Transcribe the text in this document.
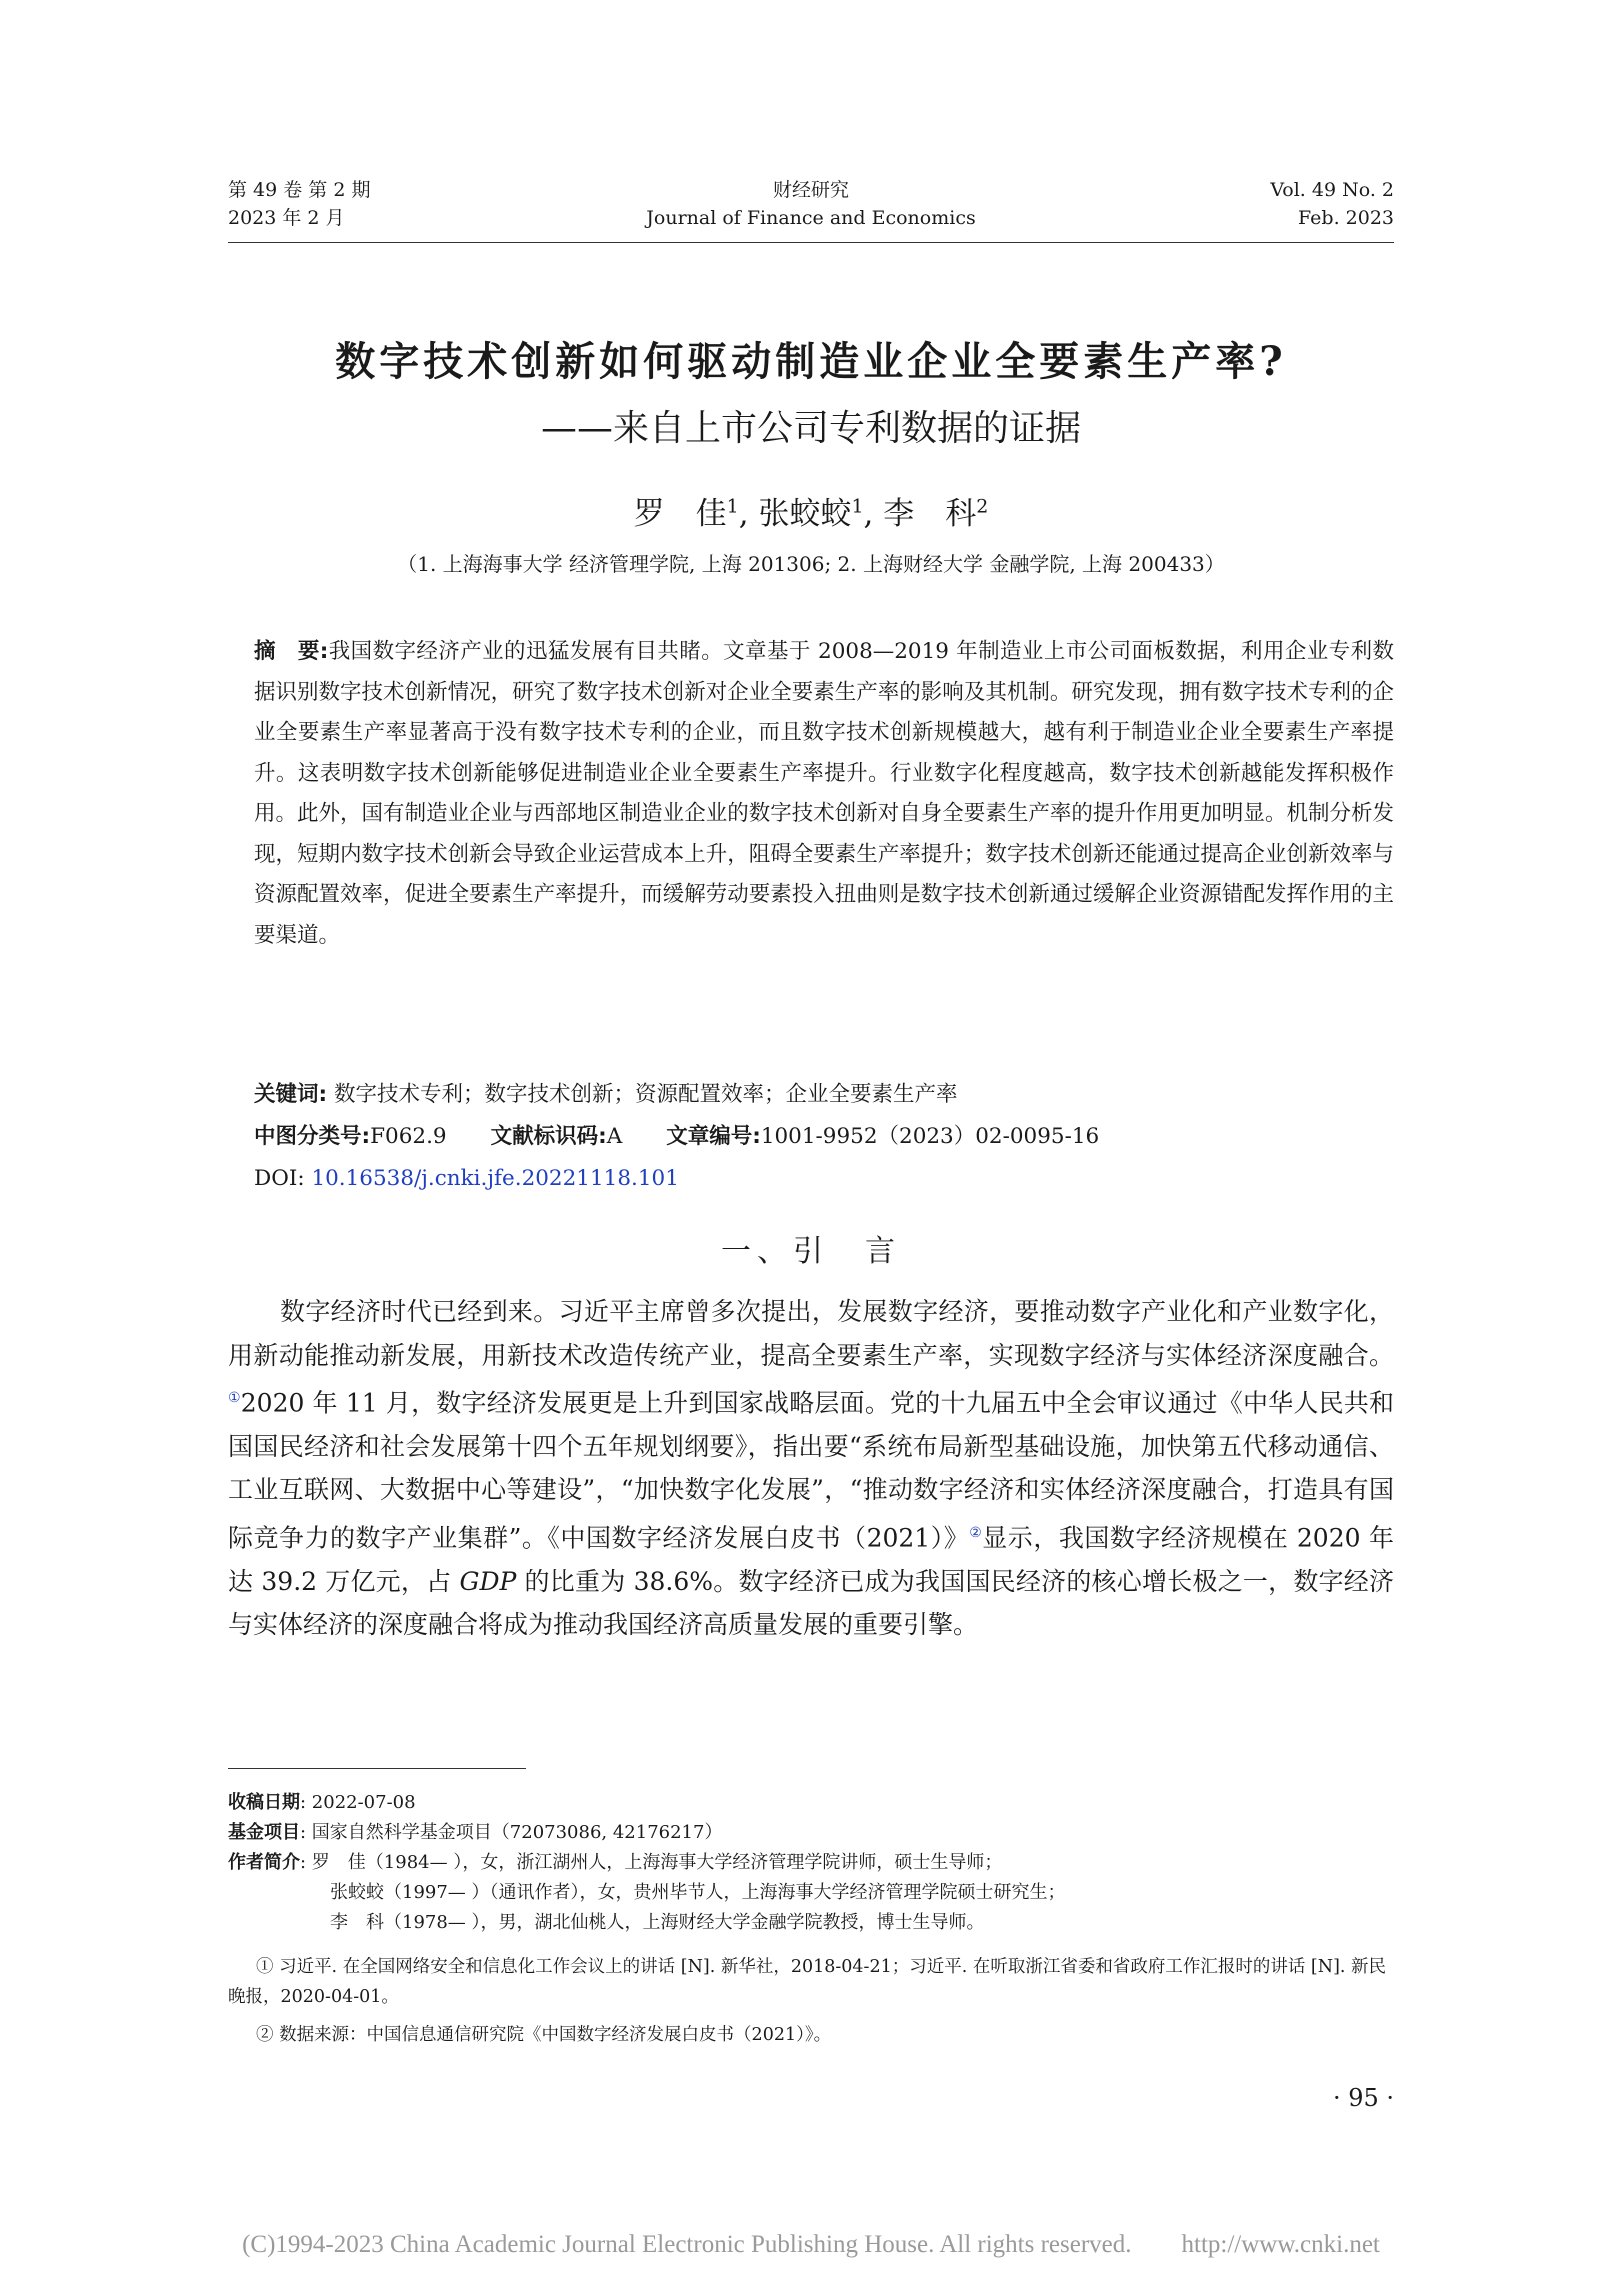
第 49 卷 第 2 期
2023 年 2 月
财经研究
Journal of Finance and Economics
Vol. 49 No. 2
Feb. 2023
数字技术创新如何驱动制造业企业全要素生产率?
——来自上市公司专利数据的证据
罗　佳$^1$, 张蛟蛟$^1$, 李　科$^2$
（1. 上海海事大学 经济管理学院, 上海 201306; 2. 上海财经大学 金融学院, 上海 200433）
摘　要:我国数字经济产业的迅猛发展有目共睹。文章基于 2008—2019 年制造业上市公司面板数据，利用企业专利数据识别数字技术创新情况，研究了数字技术创新对企业全要素生产率的影响及其机制。研究发现，拥有数字技术专利的企业全要素生产率显著高于没有数字技术专利的企业，而且数字技术创新规模越大，越有利于制造业企业全要素生产率提升。这表明数字技术创新能够促进制造业企业全要素生产率提升。行业数字化程度越高，数字技术创新越能发挥积极作用。此外，国有制造业企业与西部地区制造业企业的数字技术创新对自身全要素生产率的提升作用更加明显。机制分析发现，短期内数字技术创新会导致企业运营成本上升，阻碍全要素生产率提升；数字技术创新还能通过提高企业创新效率与资源配置效率，促进全要素生产率提升，而缓解劳动要素投入扭曲则是数字技术创新通过缓解企业资源错配发挥作用的主要渠道。
关键词: 数字技术专利；数字技术创新；资源配置效率；企业全要素生产率
中图分类号:F062.9 文献标识码:A 文章编号:1001-9952（2023）02-0095-16
DOI: 10.16538/j.cnki.jfe.20221118.101
一、引　言
数字经济时代已经到来。习近平主席曾多次提出，发展数字经济，要推动数字产业化和产业数字化，用新动能推动新发展，用新技术改造传统产业，提高全要素生产率，实现数字经济与实体经济深度融合。①2020 年 11 月，数字经济发展更是上升到国家战略层面。党的十九届五中全会审议通过《中华人民共和国国民经济和社会发展第十四个五年规划纲要》，指出要“系统布局新型基础设施，加快第五代移动通信、工业互联网、大数据中心等建设”，“加快数字化发展”，“推动数字经济和实体经济深度融合，打造具有国际竞争力的数字产业集群”。《中国数字经济发展白皮书（2021）》②显示，我国数字经济规模在 2020 年达 39.2 万亿元，占 GDP 的比重为 38.6%。数字经济已成为我国国民经济的核心增长极之一，数字经济与实体经济的深度融合将成为推动我国经济高质量发展的重要引擎。
收稿日期: 2022-07-08
基金项目: 国家自然科学基金项目（72073086, 42176217）
作者简介: 罗　佳（1984— ），女，浙江湖州人，上海海事大学经济管理学院讲师，硕士生导师；
张蛟蛟（1997— ）（通讯作者），女，贵州毕节人，上海海事大学经济管理学院硕士研究生；
李　科（1978— ），男，湖北仙桃人，上海财经大学金融学院教授，博士生导师。

① 习近平. 在全国网络安全和信息化工作会议上的讲话 [N]. 新华社，2018-04-21；习近平. 在听取浙江省委和省政府工作汇报时的讲话 [N]. 新民晚报，2020-04-01。

② 数据来源：中国信息通信研究院《中国数字经济发展白皮书（2021）》。

· 95 ·
(C)1994-2023 China Academic Journal Electronic Publishing House. All rights reserved.　　http://www.cnki.net
